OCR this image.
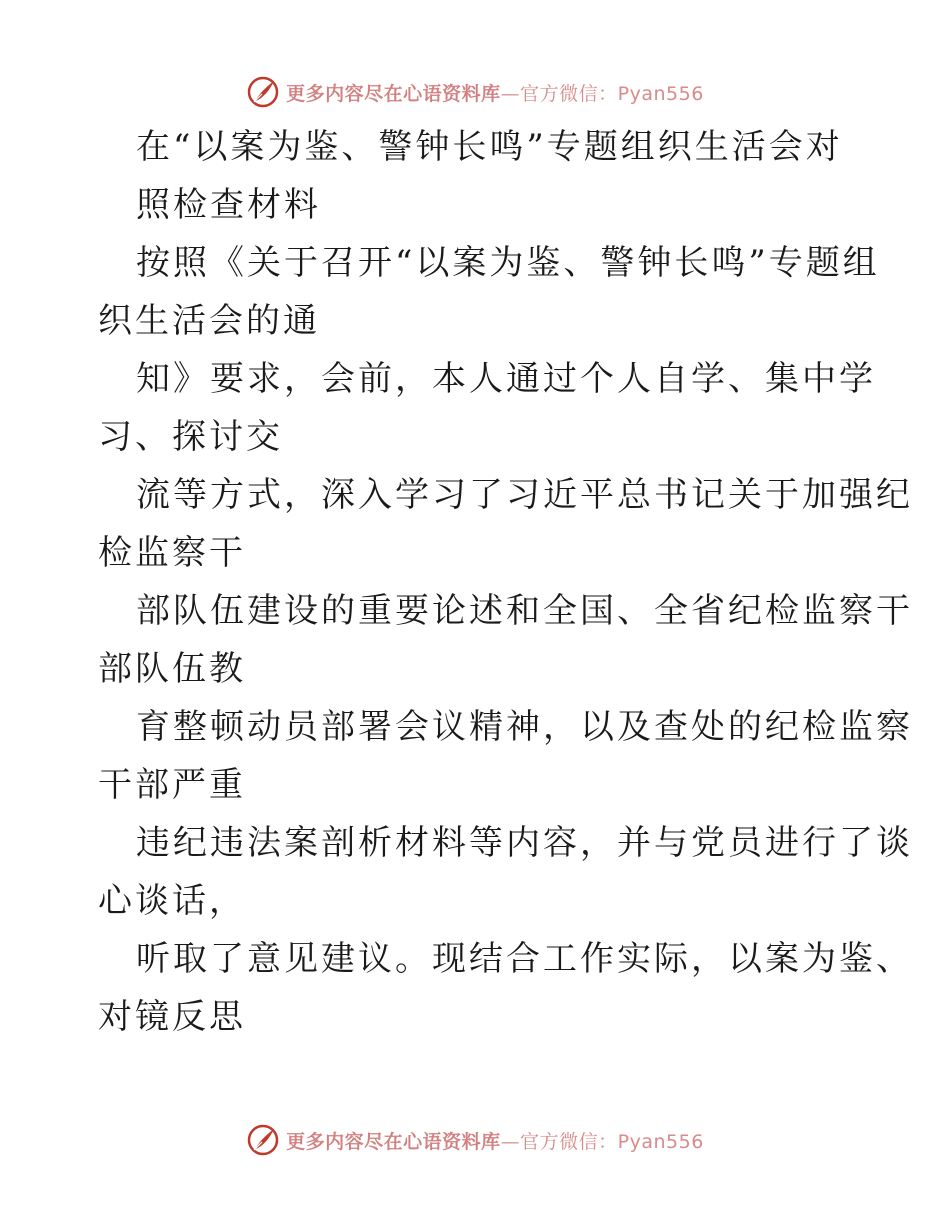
更多内容尽在心语资料库—官方微信：Pyan556
在“以案为鉴、警钟长鸣”专题组织生活会对
照检查材料
按照《关于召开“以案为鉴、警钟长鸣”专题组
织生活会的通
知》要求，会前，本人通过个人自学、集中学
习、探讨交
流等方式，深入学习了习近平总书记关于加强纪
检监察干
部队伍建设的重要论述和全国、全省纪检监察干
部队伍教
育整顿动员部署会议精神，以及查处的纪检监察
干部严重
违纪违法案剖析材料等内容，并与党员进行了谈
心谈话，
听取了意见建议。现结合工作实际，以案为鉴、
对镜反思
更多内容尽在心语资料库—官方微信：Pyan556
